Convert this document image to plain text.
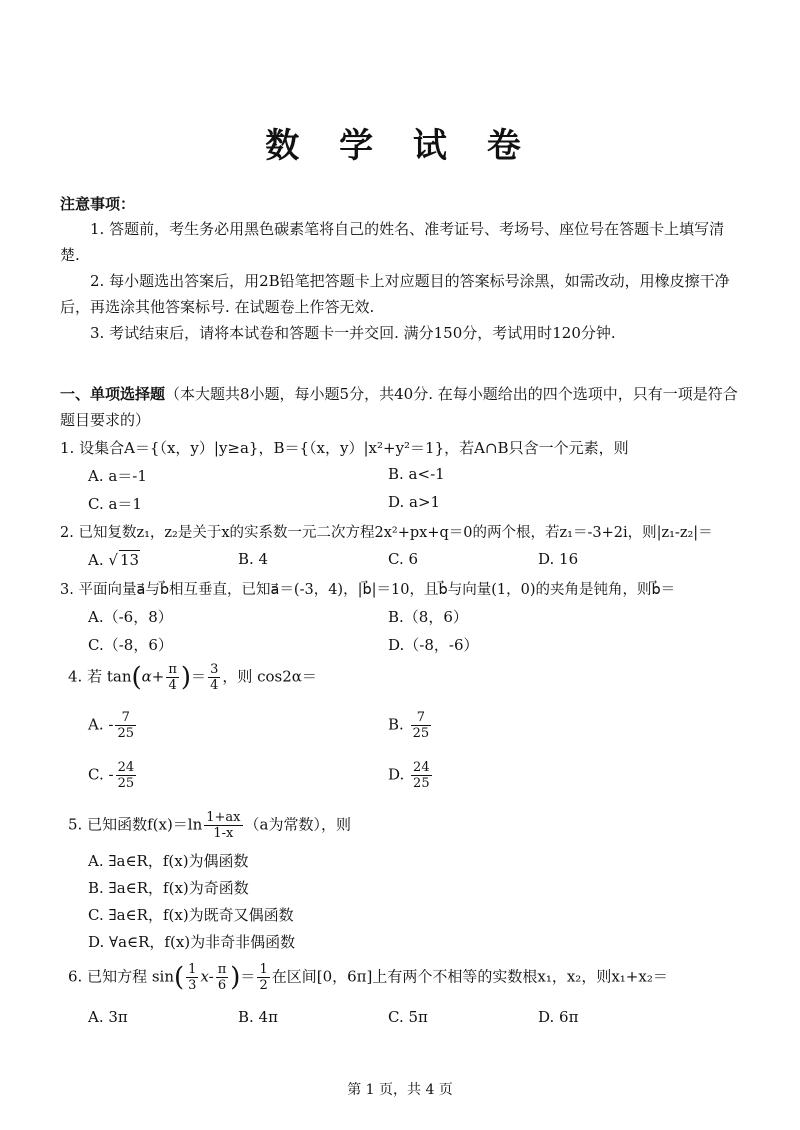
数 学 试 卷
注意事项：

1. 答题前，考生务必用黑色碳素笔将自己的姓名、准考证号、考场号、座位号在答题卡上填写清楚.

2. 每小题选出答案后，用2B铅笔把答题卡上对应题目的答案标号涂黑，如需改动，用橡皮擦干净后，再选涂其他答案标号. 在试题卷上作答无效.

3. 考试结束后，请将本试卷和答题卡一并交回. 满分150分，考试用时120分钟.

一、单项选择题（本大题共8小题，每小题5分，共40分. 在每小题给出的四个选项中，只有一项是符合题目要求的）
1. 设集合A＝{（x，y）|y≥a}，B＝{（x，y）|x²+y²＝1}，若A∩B只含一个元素，则
A. a＝-1	B. a<-1
C. a＝1	D. a>1
2. 已知复数z₁，z₂是关于x的实系数一元二次方程2x²+px+q＝0的两个根，若z₁＝-3+2i，则|z₁-z₂|＝
A. √ 13	B. 4	C. 6	D. 16
3. 平面向量a⃗与b⃗相互垂直，已知a⃗＝(-3，4)，|b⃗|＝10，且b⃗与向量(1，0)的夹角是钝角，则b⃗＝
A.（-6，8）	B.（8，6）
C.（-8，6）	D.（-8，-6）
4. 若 $\tan(\alpha+ \frac{\pi}{4}$ )＝ $\frac{3}{4}$ ，则 cos2α＝
A. - $\frac{7}{25}$	B. $\frac{7}{25}$
C. - $\frac{24}{25}$	D. $\frac{24}{25}$
5. 已知函数$f(x)=\ln \frac{1+ax}{1-x} (a$为常数），则
A. ∃a∈R，f(x)为偶函数
B. ∃a∈R，f(x)为奇函数
C. ∃a∈R，f(x)为既奇又偶函数
D. ∀a∈R，f(x)为非奇非偶函数
6. 已知方程 $\sin( \frac{1}{3} x- \frac{\pi}{6}$ )＝ $\frac{1}{2}$ 在区间[0，6π]上有两个不相等的实数根x₁，x₂，则x₁+x₂＝
A. 3π	B. 4π	C. 5π	D. 6π
第 1 页，共 4 页
